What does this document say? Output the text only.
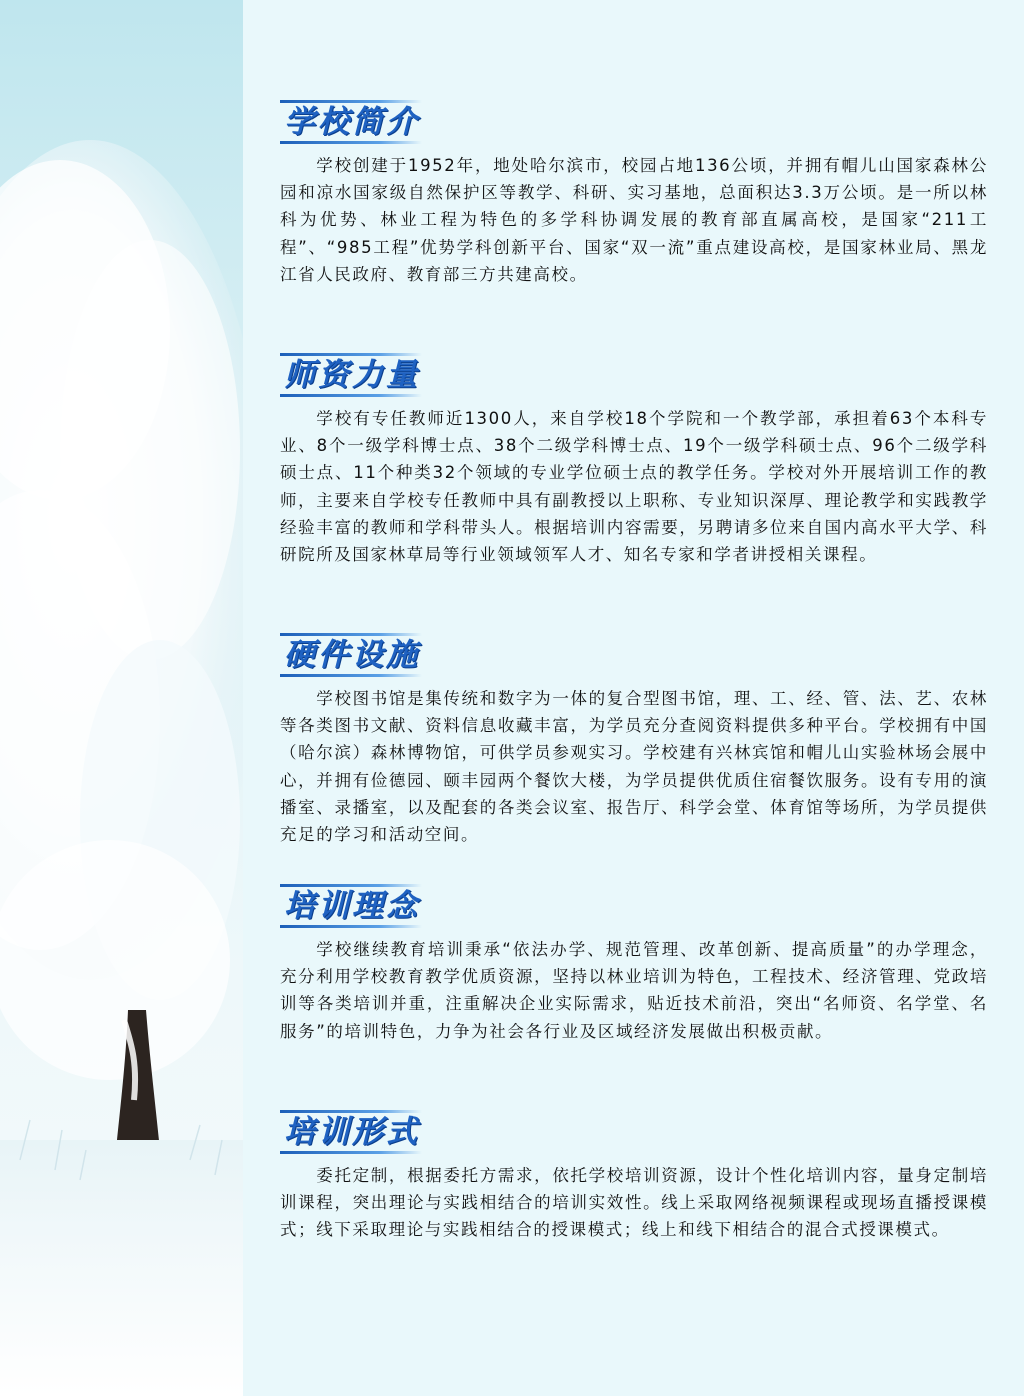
学校简介

学校创建于1952年，地处哈尔滨市，校园占地136公顷，并拥有帽儿山国家森林公园和凉水国家级自然保护区等教学、科研、实习基地，总面积达3.3万公顷。是一所以林科为优势、林业工程为特色的多学科协调发展的教育部直属高校，是国家“211工程”、“985工程”优势学科创新平台、国家“双一流”重点建设高校，是国家林业局、黑龙江省人民政府、教育部三方共建高校。

师资力量

学校有专任教师近1300人，来自学校18个学院和一个教学部，承担着63个本科专业、8个一级学科博士点、38个二级学科博士点、19个一级学科硕士点、96个二级学科硕士点、11个种类32个领域的专业学位硕士点的教学任务。学校对外开展培训工作的教师，主要来自学校专任教师中具有副教授以上职称、专业知识深厚、理论教学和实践教学经验丰富的教师和学科带头人。根据培训内容需要，另聘请多位来自国内高水平大学、科研院所及国家林草局等行业领域领军人才、知名专家和学者讲授相关课程。

硬件设施

学校图书馆是集传统和数字为一体的复合型图书馆，理、工、经、管、法、艺、农林等各类图书文献、资料信息收藏丰富，为学员充分查阅资料提供多种平台。学校拥有中国（哈尔滨）森林博物馆，可供学员参观实习。学校建有兴林宾馆和帽儿山实验林场会展中心，并拥有俭德园、颐丰园两个餐饮大楼，为学员提供优质住宿餐饮服务。设有专用的演播室、录播室，以及配套的各类会议室、报告厅、科学会堂、体育馆等场所，为学员提供充足的学习和活动空间。

培训理念

学校继续教育培训秉承“依法办学、规范管理、改革创新、提高质量”的办学理念，充分利用学校教育教学优质资源，坚持以林业培训为特色，工程技术、经济管理、党政培训等各类培训并重，注重解决企业实际需求，贴近技术前沿，突出“名师资、名学堂、名服务”的培训特色，力争为社会各行业及区域经济发展做出积极贡献。

培训形式

委托定制，根据委托方需求，依托学校培训资源，设计个性化培训内容，量身定制培训课程，突出理论与实践相结合的培训实效性。线上采取网络视频课程或现场直播授课模式；线下采取理论与实践相结合的授课模式；线上和线下相结合的混合式授课模式。
